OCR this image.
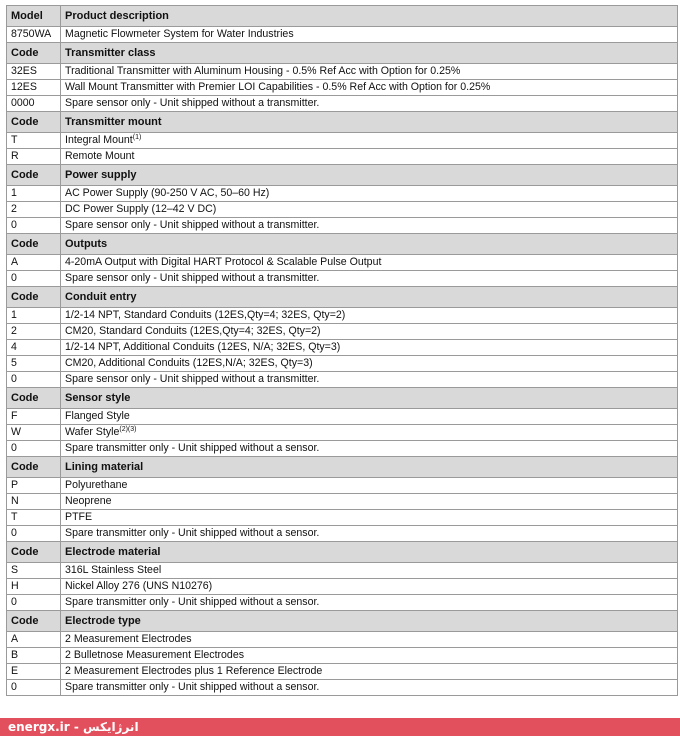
Model	Product description
8750WA	Magnetic Flowmeter System for Water Industries
Code	Transmitter class
32ES	Traditional Transmitter with Aluminum Housing - 0.5% Ref Acc with Option for 0.25%
12ES	Wall Mount Transmitter with Premier LOI Capabilities - 0.5% Ref Acc with Option for 0.25%
0000	Spare sensor only - Unit shipped without a transmitter.
Code	Transmitter mount
T	Integral Mount$^{(1)}$
R	Remote Mount
Code	Power supply
1	AC Power Supply (90-250 V AC, 50–60 Hz)
2	DC Power Supply (12–42 V DC)
0	Spare sensor only - Unit shipped without a transmitter.
Code	Outputs
A	4-20mA Output with Digital HART Protocol & Scalable Pulse Output
0	Spare sensor only - Unit shipped without a transmitter.
Code	Conduit entry
1	1/2-14 NPT, Standard Conduits (12ES,Qty=4; 32ES, Qty=2)
2	CM20, Standard Conduits (12ES,Qty=4; 32ES, Qty=2)
4	1/2-14 NPT, Additional Conduits (12ES, N/A; 32ES, Qty=3)
5	CM20, Additional Conduits (12ES,N/A; 32ES, Qty=3)
0	Spare sensor only - Unit shipped without a transmitter.
Code	Sensor style
F	Flanged Style
W	Wafer Style$^{(2)(3)}$
0	Spare transmitter only - Unit shipped without a sensor.
Code	Lining material
P	Polyurethane
N	Neoprene
T	PTFE
0	Spare transmitter only - Unit shipped without a sensor.
Code	Electrode material
S	316L Stainless Steel
H	Nickel Alloy 276 (UNS N10276)
0	Spare transmitter only - Unit shipped without a sensor.
Code	Electrode type
A	2 Measurement Electrodes
B	2 Bulletnose Measurement Electrodes
E	2 Measurement Electrodes plus 1 Reference Electrode
0	Spare transmitter only - Unit shipped without a sensor.
energx.ir - انرژایکس
